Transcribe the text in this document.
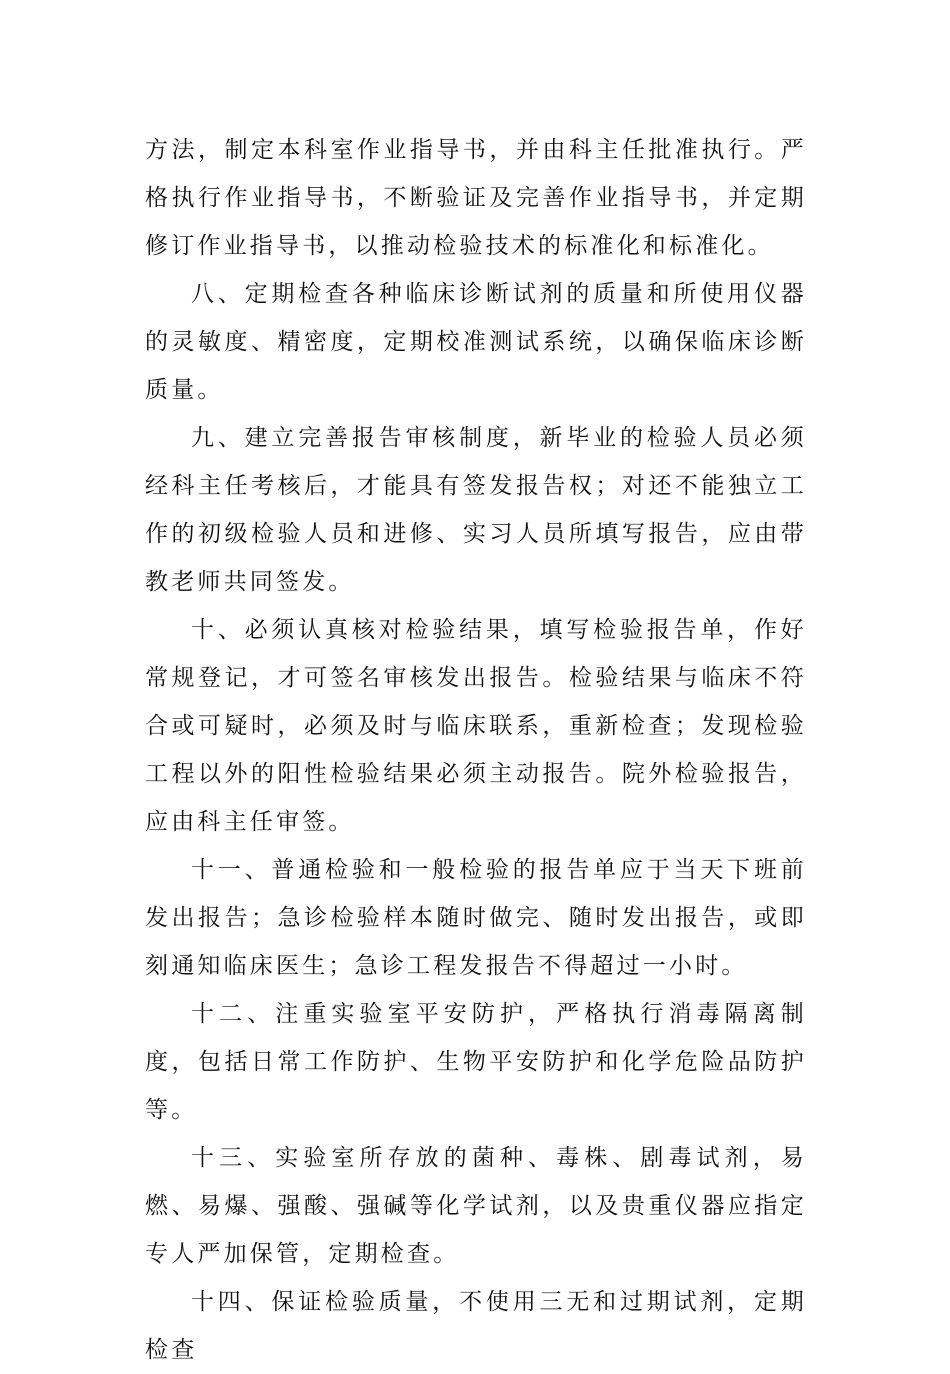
方法，制定本科室作业指导书，并由科主任批准执行。严格执行作业指导书，不断验证及完善作业指导书，并定期修订作业指导书，以推动检验技术的标准化和标准化。

八、定期检查各种临床诊断试剂的质量和所使用仪器的灵敏度、精密度，定期校准测试系统，以确保临床诊断质量。

九、建立完善报告审核制度，新毕业的检验人员必须经科主任考核后，才能具有签发报告权；对还不能独立工作的初级检验人员和进修、实习人员所填写报告，应由带教老师共同签发。

十、必须认真核对检验结果，填写检验报告单，作好常规登记，才可签名审核发出报告。检验结果与临床不符合或可疑时，必须及时与临床联系，重新检查；发现检验工程以外的阳性检验结果必须主动报告。院外检验报告，应由科主任审签。

十一、普通检验和一般检验的报告单应于当天下班前发出报告；急诊检验样本随时做完、随时发出报告，或即刻通知临床医生；急诊工程发报告不得超过一小时。

十二、注重实验室平安防护，严格执行消毒隔离制度，包括日常工作防护、生物平安防护和化学危险品防护等。

十三、实验室所存放的菌种、毒株、剧毒试剂，易燃、易爆、强酸、强碱等化学试剂，以及贵重仪器应指定专人严加保管，定期检查。

十四、保证检验质量，不使用三无和过期试剂，定期检查
